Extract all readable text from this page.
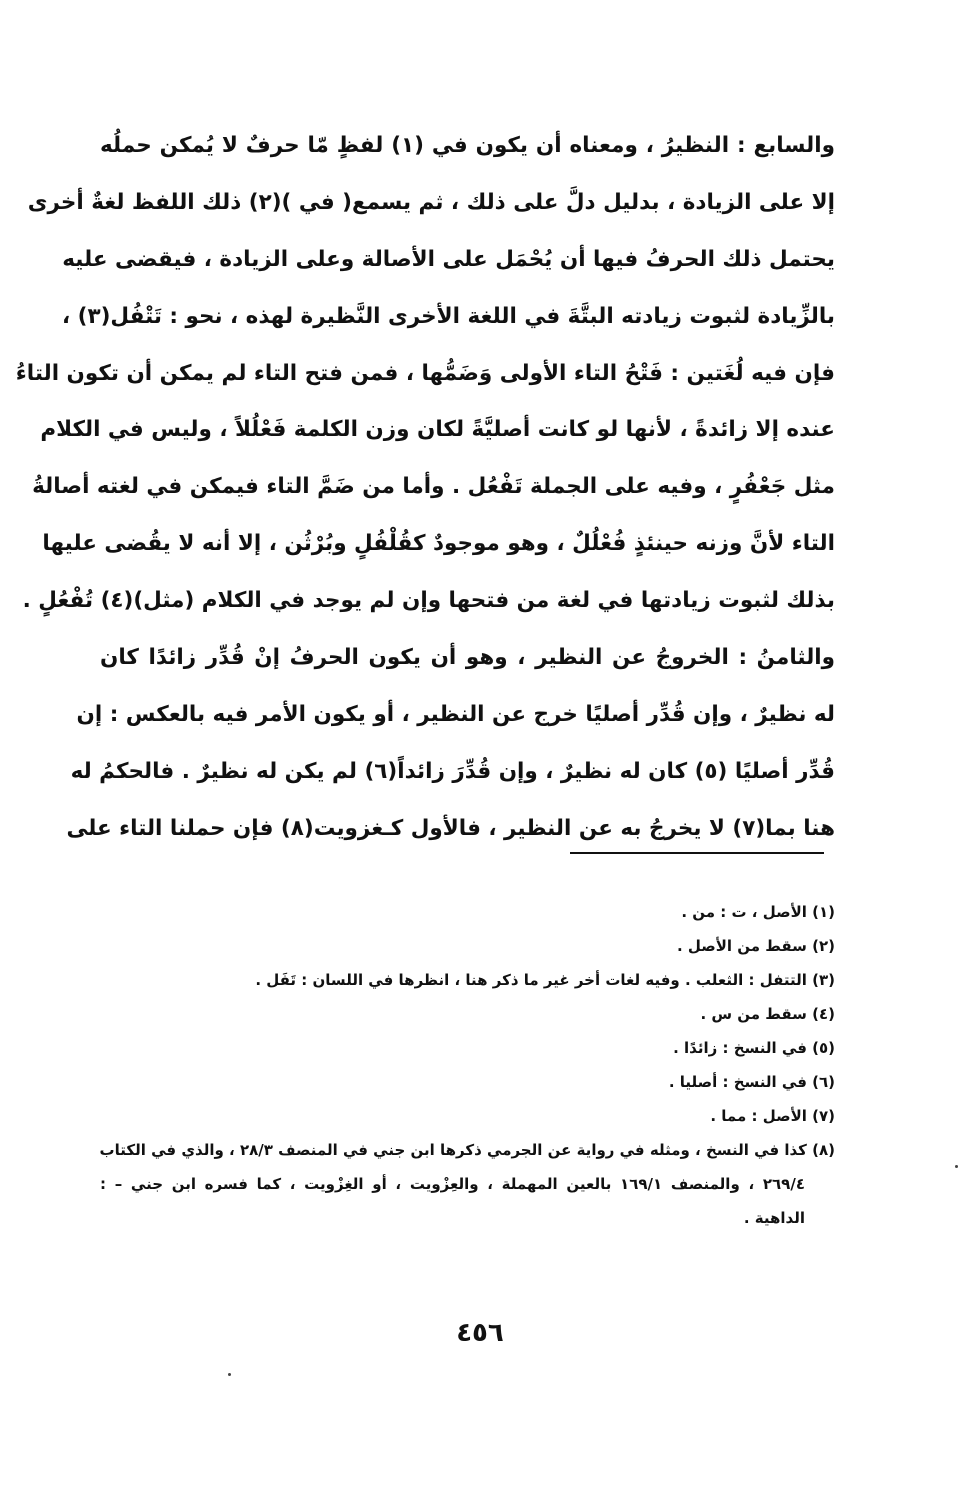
والسابع : النظيرُ ، ومعناه أن يكون في (١) لفظٍ مّا حرفٌ لا يُمكن حملُه
إلا على الزيادة ، بدليل دلَّ على ذلك ، ثم يسمع( في )(٢) ذلك اللفظ لغةٌ أخرى
يحتمل ذلك الحرفُ فيها أن يُحْمَل على الأصالة وعلى الزيادة ، فيقضى عليه
بالزِّيادة لثبوت زيادته البتَّةَ في اللغة الأخرى النَّظيرة لهذه ، نحو : تَتْفُل(٣) ،
فإن فيه لُغَتين : فَتْحُ التاء الأولى وَضَمُّها ، فمن فتح التاء لم يمكن أن تكون التاءُ
عنده إلا زائدةً ، لأنها لو كانت أصليَّةً لكان وزن الكلمة فَعْلُلاً ، وليس في الكلام
مثل جَعْفُرٍ ، وفيه على الجملة تَفْعُل . وأما من ضَمَّ التاء فيمكن في لغته أصالةُ
التاء لأنَّ وزنه حينئذٍ فُعْلُلٌ ، وهو موجودٌ كقُلْفُلٍ وبُرْثُن ، إلا أنه لا يقُضى عليها
بذلك لثبوت زيادتها في لغة من فتحها وإن لم يوجد في الكلام (مثل)(٤) تُفْعُلٍ .
والثامنُ : الخروجُ عن النظير ، وهو أن يكون الحرفُ إنْ قُدِّر زائدًا كان
له نظيرٌ ، وإن قُدِّر أصليًا خرج عن النظير ، أو يكون الأمر فيه بالعكس : إن
قُدِّر أصليًا (٥) كان له نظيرٌ ، وإن قُدِّرَ زائداً(٦) لم يكن له نظيرٌ . فالحكمُ له
هنا بما(٧) لا يخرجُ به عن النظير ، فالأول كـغزويت(٨) فإن حملنا التاء على
(١) الأصل ، ت : من .
(٢) سقط من الأصل .
(٣) التتفل : الثعلب . وفيه لغات أخر غير ما ذكر هنا ، انظرها في اللسان : تَفَل .
(٤) سقط من س .
(٥) في النسخ : زائدًا .
(٦) في النسخ : أصليا .
(٧) الأصل : مما .
(٨) كذا في النسخ ، ومثله في رواية عن الجرمي ذكرها ابن جني في المنصف ٢٨/٣ ، والذي في الكتاب
٢٦٩/٤ ، والمنصف ١٦٩/١ بالعين المهملة ، والعِزْويت ، أو الغِزْويت ، كما فسره ابن جني – :
الداهية .
٤٥٦
